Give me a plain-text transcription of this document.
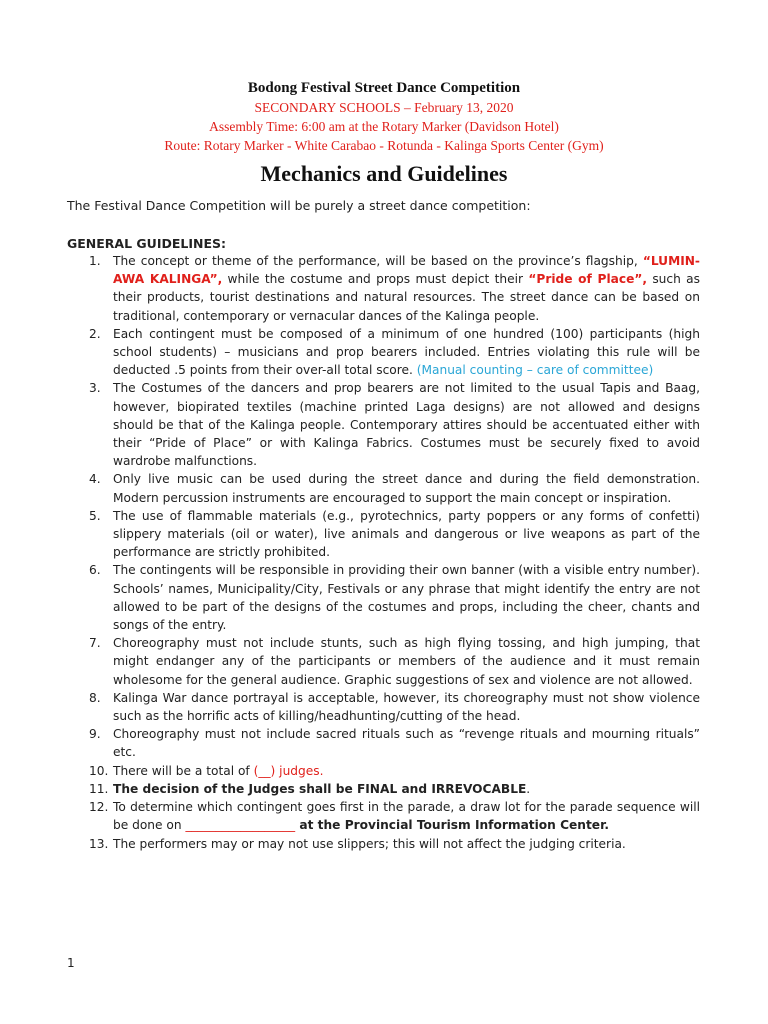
Bodong Festival Street Dance Competition
SECONDARY SCHOOLS – February 13, 2020
Assembly Time: 6:00 am at the Rotary Marker (Davidson Hotel)
Route: Rotary Marker - White Carabao - Rotunda - Kalinga Sports Center (Gym)
Mechanics and Guidelines
The Festival Dance Competition will be purely a street dance competition:
GENERAL GUIDELINES:
1. The concept or theme of the performance, will be based on the province’s flagship, “LUMIN-AWA KALINGA”, while the costume and props must depict their “Pride of Place”, such as their products, tourist destinations and natural resources. The street dance can be based on traditional, contemporary or vernacular dances of the Kalinga people.
2. Each contingent must be composed of a minimum of one hundred (100) participants (high school students) – musicians and prop bearers included. Entries violating this rule will be deducted .5 points from their over-all total score. (Manual counting – care of committee)
3. The Costumes of the dancers and prop bearers are not limited to the usual Tapis and Baag, however, biopirated textiles (machine printed Laga designs) are not allowed and designs should be that of the Kalinga people. Contemporary attires should be accentuated either with their “Pride of Place” or with Kalinga Fabrics. Costumes must be securely fixed to avoid wardrobe malfunctions.
4. Only live music can be used during the street dance and during the field demonstration. Modern percussion instruments are encouraged to support the main concept or inspiration.
5. The use of flammable materials (e.g., pyrotechnics, party poppers or any forms of confetti) slippery materials (oil or water), live animals and dangerous or live weapons as part of the performance are strictly prohibited.
6. The contingents will be responsible in providing their own banner (with a visible entry number). Schools’ names, Municipality/City, Festivals or any phrase that might identify the entry are not allowed to be part of the designs of the costumes and props, including the cheer, chants and songs of the entry.
7. Choreography must not include stunts, such as high flying tossing, and high jumping, that might endanger any of the participants or members of the audience and it must remain wholesome for the general audience. Graphic suggestions of sex and violence are not allowed.
8. Kalinga War dance portrayal is acceptable, however, its choreography must not show violence such as the horrific acts of killing/headhunting/cutting of the head.
9. Choreography must not include sacred rituals such as “revenge rituals and mourning rituals” etc.
10. There will be a total of (__) judges.
11. The decision of the Judges shall be FINAL and IRREVOCABLE.
12. To determine which contingent goes first in the parade, a draw lot for the parade sequence will be done on __________________ at the Provincial Tourism Information Center.
13. The performers may or may not use slippers; this will not affect the judging criteria.
1
